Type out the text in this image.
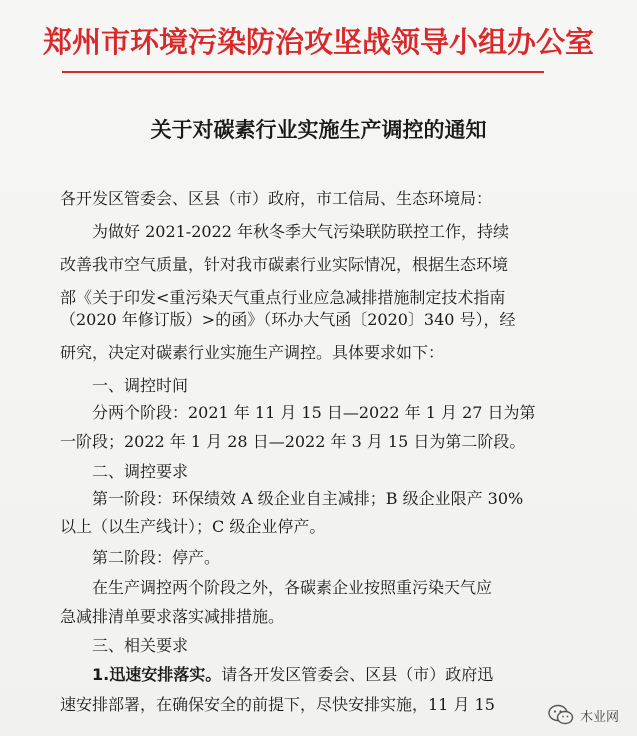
郑州市环境污染防治攻坚战领导小组办公室
关于对碳素行业实施生产调控的通知
各开发区管委会、区县（市）政府，市工信局、生态环境局：
为做好 2021-2022 年秋冬季大气污染联防联控工作，持续
改善我市空气质量，针对我市碳素行业实际情况，根据生态环境
部《关于印发<重污染天气重点行业应急减排措施制定技术指南
（2020 年修订版）>的函》（环办大气函〔2020〕340 号），经
研究，决定对碳素行业实施生产调控。具体要求如下：
一、调控时间
分两个阶段：2021 年 11 月 15 日—2022 年 1 月 27 日为第
一阶段；2022 年 1 月 28 日—2022 年 3 月 15 日为第二阶段。
二、调控要求
第一阶段：环保绩效 A 级企业自主减排；B 级企业限产 30%
以上（以生产线计）；C 级企业停产。
第二阶段：停产。
在生产调控两个阶段之外，各碳素企业按照重污染天气应
急减排清单要求落实减排措施。
三、相关要求
1.迅速安排落实。请各开发区管委会、区县（市）政府迅
速安排部署，在确保安全的前提下，尽快安排实施，11 月 15
木业网
